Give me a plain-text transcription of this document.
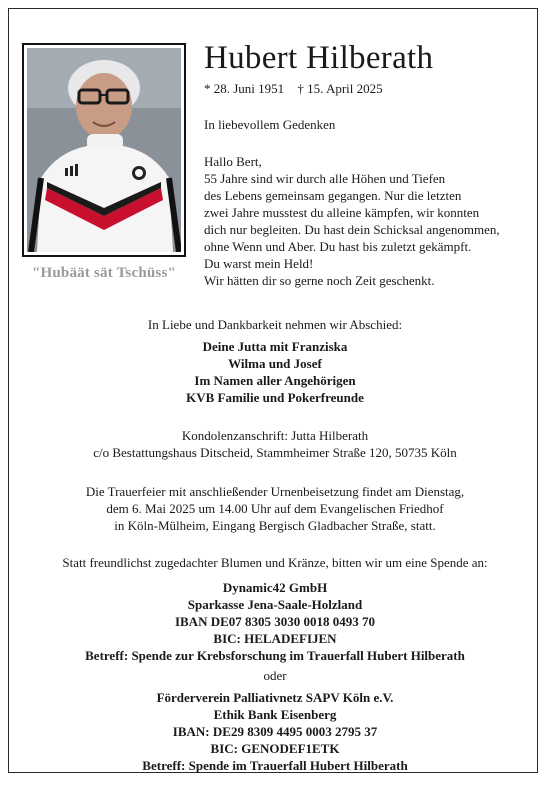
"Hubäät sät Tschüss"
Hubert Hilberath
* 28. Juni 1951 † 15. April 2025
In liebevollem Gedenken
Hallo Bert,
55 Jahre sind wir durch alle Höhen und Tiefen
des Lebens gemeinsam gegangen. Nur die letzten
zwei Jahre musstest du alleine kämpfen, wir konnten
dich nur begleiten. Du hast dein Schicksal angenommen,
ohne Wenn und Aber. Du hast bis zuletzt gekämpft.
Du warst mein Held!
Wir hätten dir so gerne noch Zeit geschenkt.
In Liebe und Dankbarkeit nehmen wir Abschied:
Deine Jutta mit Franziska
Wilma und Josef
Im Namen aller Angehörigen
KVB Familie und Pokerfreunde
Kondolenzanschrift: Jutta Hilberath
c/o Bestattungshaus Ditscheid, Stammheimer Straße 120, 50735 Köln
Die Trauerfeier mit anschließender Urnenbeisetzung findet am Dienstag,
dem 6. Mai 2025 um 14.00 Uhr auf dem Evangelischen Friedhof
in Köln-Mülheim, Eingang Bergisch Gladbacher Straße, statt.
Statt freundlichst zugedachter Blumen und Kränze, bitten wir um eine Spende an:
Dynamic42 GmbH
Sparkasse Jena-Saale-Holzland
IBAN DE07 8305 3030 0018 0493 70
BIC: HELADEFIJEN
Betreff: Spende zur Krebsforschung im Trauerfall Hubert Hilberath
oder
Förderverein Palliativnetz SAPV Köln e.V.
Ethik Bank Eisenberg
IBAN: DE29 8309 4495 0003 2795 37
BIC: GENODEF1ETK
Betreff: Spende im Trauerfall Hubert Hilberath
